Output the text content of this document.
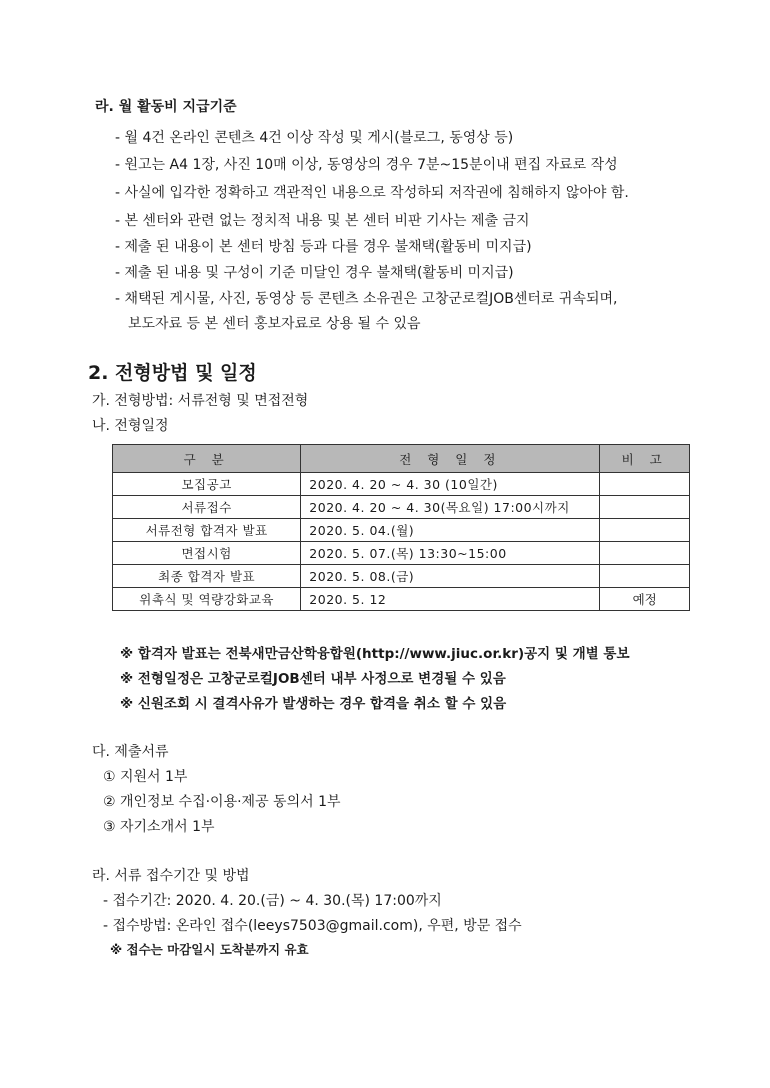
라. 월 활동비 지급기준
- 월 4건 온라인 콘텐츠 4건 이상 작성 및 게시(블로그, 동영상 등)
- 원고는 A4 1장, 사진 10매 이상, 동영상의 경우 7분~15분이내 편집 자료로 작성
- 사실에 입각한 정확하고 객관적인 내용으로 작성하되 저작권에 침해하지 않아야 함.
- 본 센터와 관련 없는 정치적 내용 및 본 센터 비판 기사는 제출 금지
- 제출 된 내용이 본 센터 방침 등과 다를 경우 불채택(활동비 미지급)
- 제출 된 내용 및 구성이 기준 미달인 경우 불채택(활동비 미지급)
- 채택된 게시물, 사진, 동영상 등 콘텐츠 소유권은 고창군로컬JOB센터로 귀속되며,
보도자료 등 본 센터 홍보자료로 상용 될 수 있음
2. 전형방법 및 일정
가. 전형방법: 서류전형 및 면접전형
나. 전형일정
구 분	전 형 일 정	비 고
모집공고	2020. 4. 20 ~ 4. 30 (10일간)	
서류접수	2020. 4. 20 ~ 4. 30(목요일) 17:00시까지	
서류전형 합격자 발표	2020. 5. 04.(월)	
면접시험	2020. 5. 07.(목) 13:30~15:00	
최종 합격자 발표	2020. 5. 08.(금)	
위촉식 및 역량강화교육	2020. 5. 12	예정
※ 합격자 발표는 전북새만금산학융합원(http://www.jiuc.or.kr)공지 및 개별 통보
※ 전형일정은 고창군로컬JOB센터 내부 사정으로 변경될 수 있음
※ 신원조회 시 결격사유가 발생하는 경우 합격을 취소 할 수 있음
다. 제출서류
① 지원서 1부
② 개인정보 수집·이용·제공 동의서 1부
③ 자기소개서 1부
라. 서류 접수기간 및 방법
- 접수기간: 2020. 4. 20.(금) ~ 4. 30.(목) 17:00까지
- 접수방법: 온라인 접수(leeys7503@gmail.com), 우편, 방문 접수
※ 접수는 마감일시 도착분까지 유효
